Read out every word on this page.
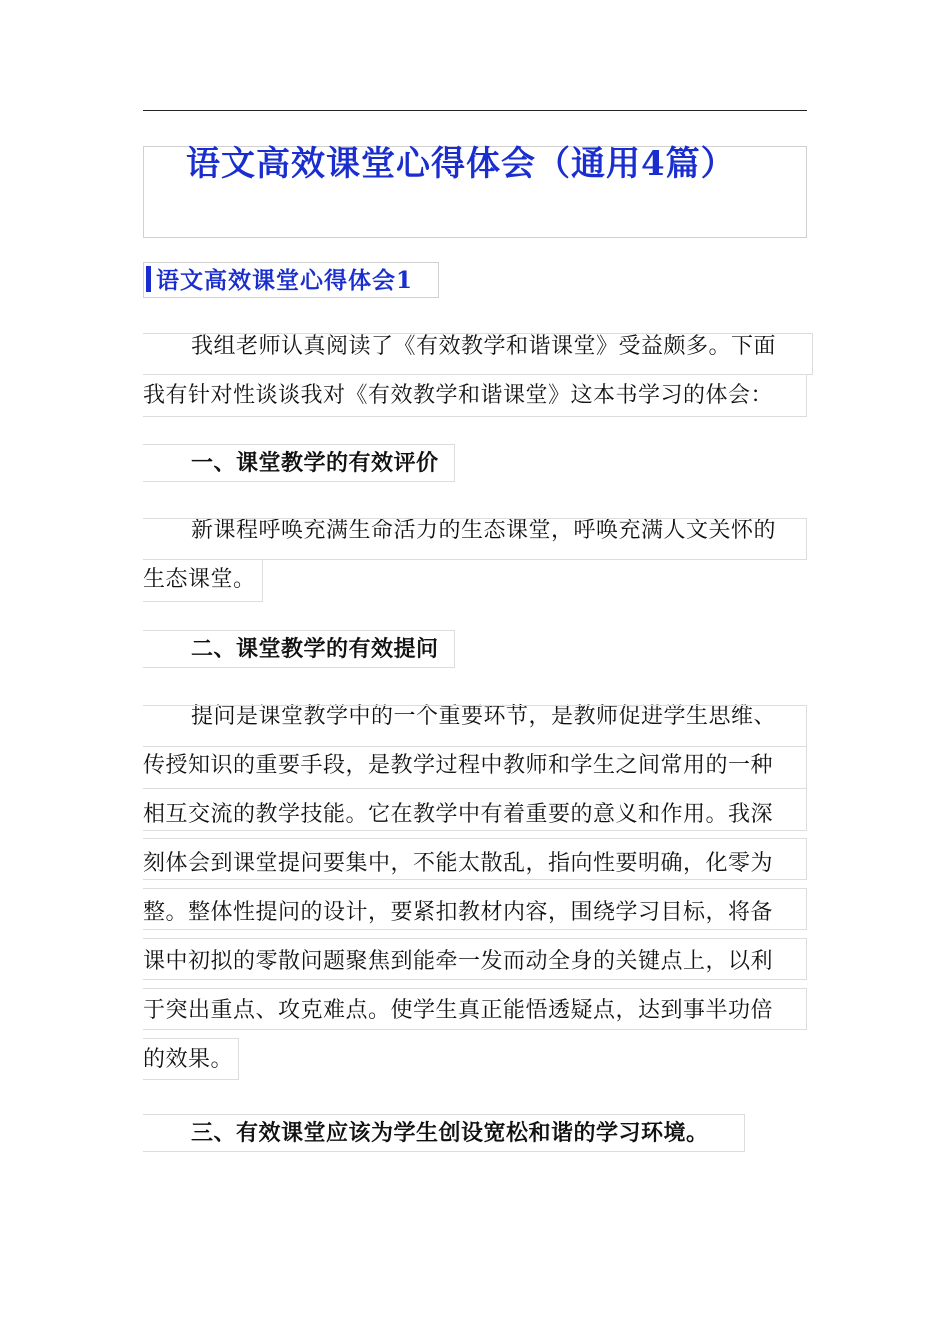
语文高效课堂心得体会（通用4篇）
语文高效课堂心得体会1
我组老师认真阅读了《有效教学和谐课堂》受益颇多。下面
我有针对性谈谈我对《有效教学和谐课堂》这本书学习的体会：
一、课堂教学的有效评价
新课程呼唤充满生命活力的生态课堂，呼唤充满人文关怀的
生态课堂。
二、课堂教学的有效提问
提问是课堂教学中的一个重要环节，是教师促进学生思维、
传授知识的重要手段，是教学过程中教师和学生之间常用的一种
相互交流的教学技能。它在教学中有着重要的意义和作用。我深
刻体会到课堂提问要集中，不能太散乱，指向性要明确，化零为
整。整体性提问的设计，要紧扣教材内容，围绕学习目标，将备
课中初拟的零散问题聚焦到能牵一发而动全身的关键点上，以利
于突出重点、攻克难点。使学生真正能悟透疑点，达到事半功倍
的效果。
三、有效课堂应该为学生创设宽松和谐的学习环境。
